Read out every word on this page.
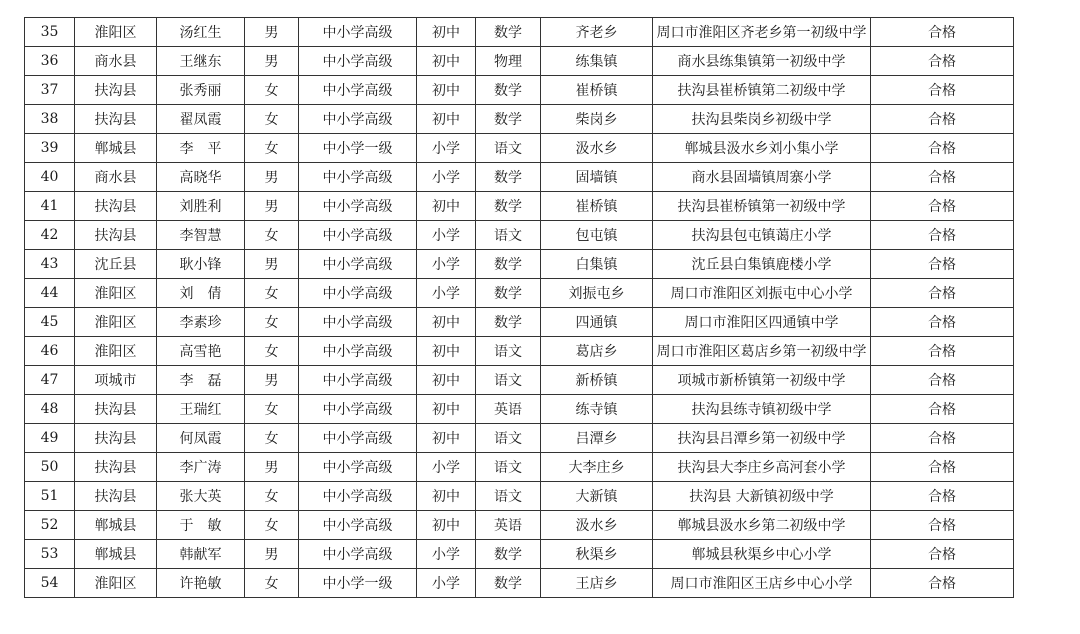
35	淮阳区	汤红生	男	中小学高级	初中	数学	齐老乡	周口市淮阳区齐老乡第一初级中学	合格
36	商水县	王继东	男	中小学高级	初中	物理	练集镇	商水县练集镇第一初级中学	合格
37	扶沟县	张秀丽	女	中小学高级	初中	数学	崔桥镇	扶沟县崔桥镇第二初级中学	合格
38	扶沟县	翟凤霞	女	中小学高级	初中	数学	柴岗乡	扶沟县柴岗乡初级中学	合格
39	郸城县	李　平	女	中小学一级	小学	语文	汲水乡	郸城县汲水乡刘小集小学	合格
40	商水县	高晓华	男	中小学高级	小学	数学	固墙镇	商水县固墙镇周寨小学	合格
41	扶沟县	刘胜利	男	中小学高级	初中	数学	崔桥镇	扶沟县崔桥镇第一初级中学	合格
42	扶沟县	李智慧	女	中小学高级	小学	语文	包屯镇	扶沟县包屯镇蔼庄小学	合格
43	沈丘县	耿小锋	男	中小学高级	小学	数学	白集镇	沈丘县白集镇鹿楼小学	合格
44	淮阳区	刘　倩	女	中小学高级	小学	数学	刘振屯乡	周口市淮阳区刘振屯中心小学	合格
45	淮阳区	李素珍	女	中小学高级	初中	数学	四通镇	周口市淮阳区四通镇中学	合格
46	淮阳区	高雪艳	女	中小学高级	初中	语文	葛店乡	周口市淮阳区葛店乡第一初级中学	合格
47	项城市	李　磊	男	中小学高级	初中	语文	新桥镇	项城市新桥镇第一初级中学	合格
48	扶沟县	王瑞红	女	中小学高级	初中	英语	练寺镇	扶沟县练寺镇初级中学	合格
49	扶沟县	何凤霞	女	中小学高级	初中	语文	吕潭乡	扶沟县吕潭乡第一初级中学	合格
50	扶沟县	李广涛	男	中小学高级	小学	语文	大李庄乡	扶沟县大李庄乡高河套小学	合格
51	扶沟县	张大英	女	中小学高级	初中	语文	大新镇	扶沟县 大新镇初级中学	合格
52	郸城县	于　敏	女	中小学高级	初中	英语	汲水乡	郸城县汲水乡第二初级中学	合格
53	郸城县	韩献军	男	中小学高级	小学	数学	秋渠乡	郸城县秋渠乡中心小学	合格
54	淮阳区	许艳敏	女	中小学一级	小学	数学	王店乡	周口市淮阳区王店乡中心小学	合格
